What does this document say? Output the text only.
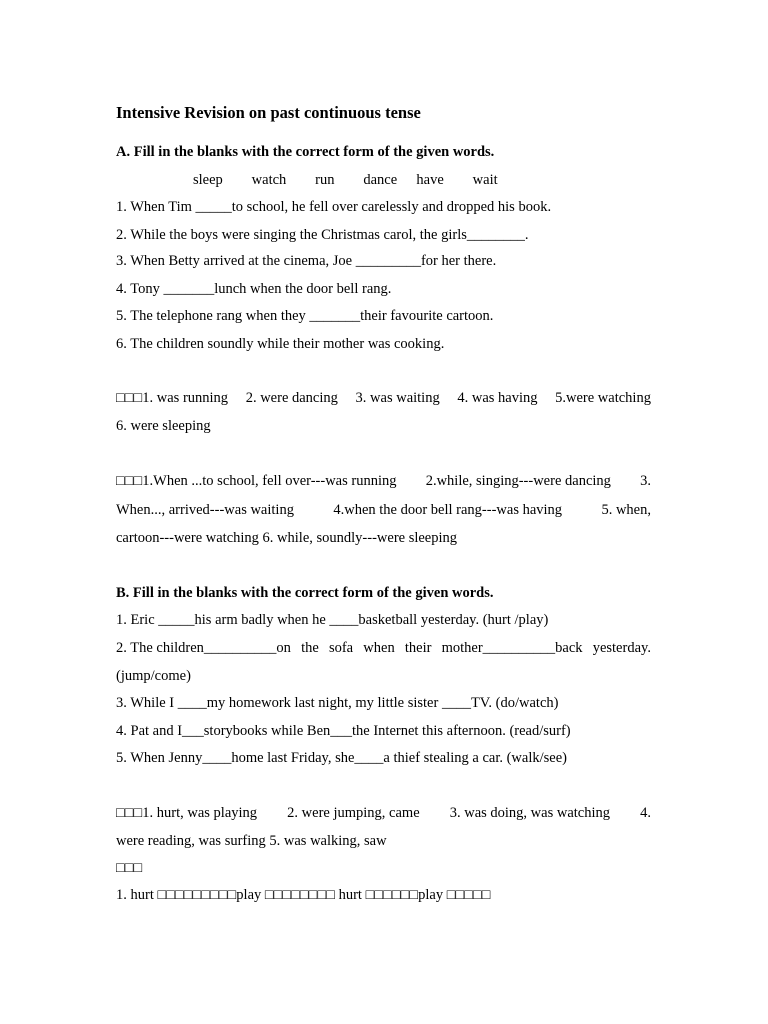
Intensive Revision on past continuous tense
A. Fill in the blanks with the correct form of the given words.
sleep   watch   run   dance  have   wait
1. When Tim _____to school, he fell over carelessly and dropped his book.
2. While the boys were singing the Christmas carol, the girls________.
3. When Betty arrived at the cinema, Joe _________for her there.
4. Tony _______lunch when the door bell rang.
5. The telephone rang when they _______their favourite cartoon.
6. The children soundly while their mother was cooking.
□□□1. was running 2. were dancing 3. was waiting 4. was having 5.were watching
6. were sleeping
□□□1.When ...to school, fell over---was running 2.while, singing---were dancing 3.
When..., arrived---was waiting	4.when the door bell rang---was having	5. when,
cartoon---were watching 6. while, soundly---were sleeping
B. Fill in the blanks with the correct form of the given words.
1. Eric _____his arm badly when he ____basketball yesterday. (hurt /play)
2. The children__________on the sofa when their mother__________back yesterday.
(jump/come)
3. While I ____my homework last night, my little sister ____TV. (do/watch)
4. Pat and I___storybooks while Ben___the Internet this afternoon. (read/surf)
5. When Jenny____home last Friday, she____a thief stealing a car. (walk/see)
□□□1. hurt, was playing 2. were jumping, came 3. was doing, was watching 4.
were reading, was surfing 5. was walking, saw
□□□
1. hurt □□□□□□□□□play □□□□□□□□ hurt □□□□□□play □□□□□
